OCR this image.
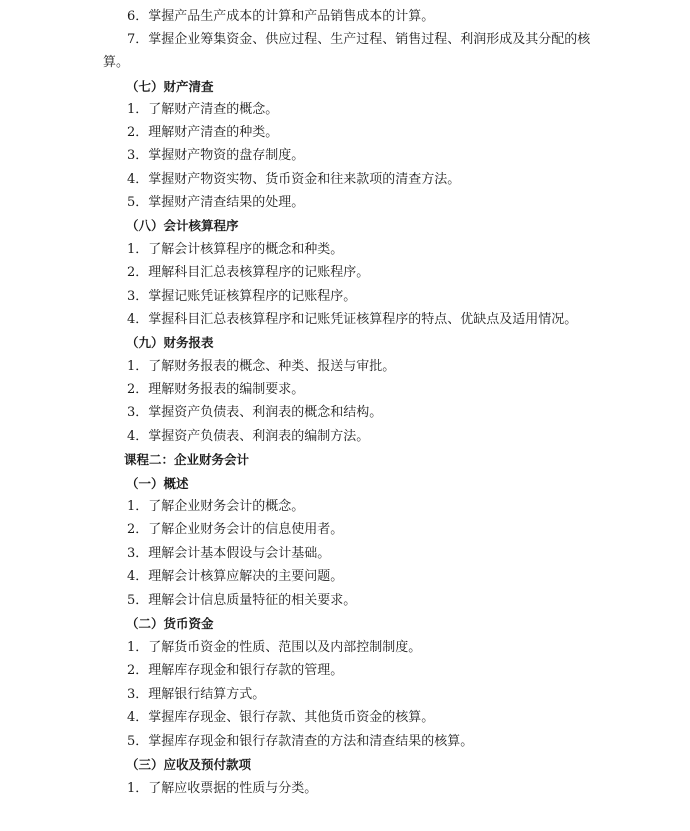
6．掌握产品生产成本的计算和产品销售成本的计算。
7．掌握企业筹集资金、供应过程、生产过程、销售过程、利润形成及其分配的核
算。
（七）财产清查
1．了解财产清查的概念。
2．理解财产清查的种类。
3．掌握财产物资的盘存制度。
4．掌握财产物资实物、货币资金和往来款项的清查方法。
5．掌握财产清查结果的处理。
（八）会计核算程序
1．了解会计核算程序的概念和种类。
2．理解科目汇总表核算程序的记账程序。
3．掌握记账凭证核算程序的记账程序。
4．掌握科目汇总表核算程序和记账凭证核算程序的特点、优缺点及适用情况。
（九）财务报表
1．了解财务报表的概念、种类、报送与审批。
2．理解财务报表的编制要求。
3．掌握资产负债表、利润表的概念和结构。
4．掌握资产负债表、利润表的编制方法。
课程二：企业财务会计
（一）概述
1．了解企业财务会计的概念。
2．了解企业财务会计的信息使用者。
3．理解会计基本假设与会计基础。
4．理解会计核算应解决的主要问题。
5．理解会计信息质量特征的相关要求。
（二）货币资金
1．了解货币资金的性质、范围以及内部控制制度。
2．理解库存现金和银行存款的管理。
3．理解银行结算方式。
4．掌握库存现金、银行存款、其他货币资金的核算。
5．掌握库存现金和银行存款清查的方法和清查结果的核算。
（三）应收及预付款项
1．了解应收票据的性质与分类。
